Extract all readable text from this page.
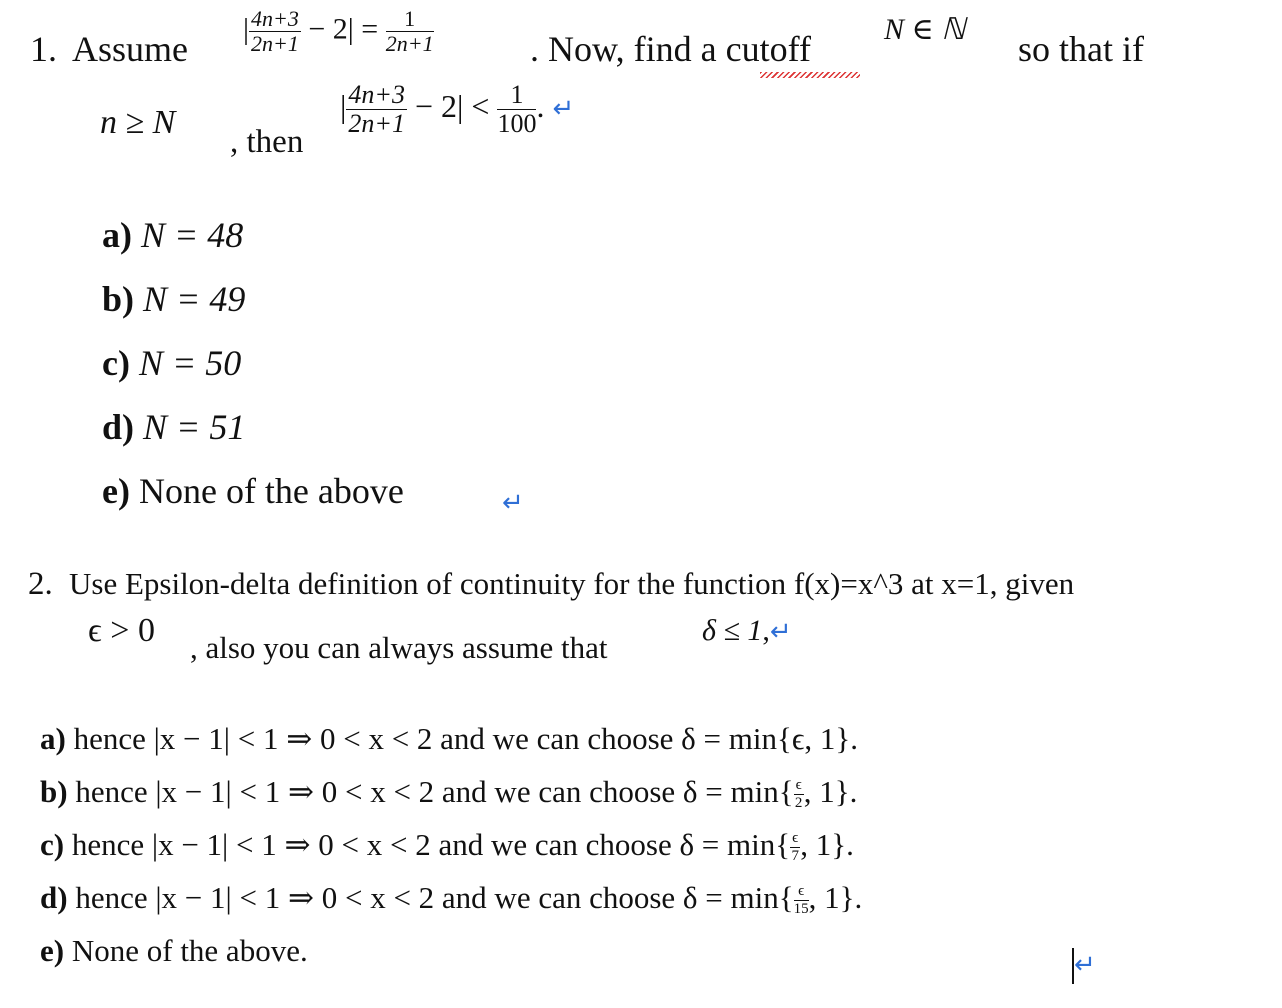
1. Assume
| $\frac{4n+3}{2n+1} - 2| = \frac{1}{2n+1}$	. Now, find a cutoff N ∈ ℕ so that if
n ≥ N
, then
| $\frac{4n+3}{2n+1} - 2| < \frac{1}{100}$ . ↵
a) N = 48
b) N = 49
c) N = 50
d) N = 51
e) None of the above	↵
2. Use Epsilon-delta definition of continuity for the function f(x)=x^3 at x=1, given
ϵ > 0 , also you can always assume that	δ ≤ 1,↵
a) hence |x − 1| < 1 ⇒ 0 < x < 2 and we can choose δ = min{ϵ, 1}.
b) hence |x − 1| < 1 ⇒ 0 < x < 2 and we can choose $\delta = \min\{ \frac{\epsilon}{2}$ , 1}.
c) hence |x − 1| < 1 ⇒ 0 < x < 2 and we can choose $\delta = \min\{ \frac{\epsilon}{7}$ , 1}.
d) hence |x − 1| < 1 ⇒ 0 < x < 2 and we can choose $\delta = \min\{ \frac{\epsilon}{15}$ , 1}.
e) None of the above.	↵
